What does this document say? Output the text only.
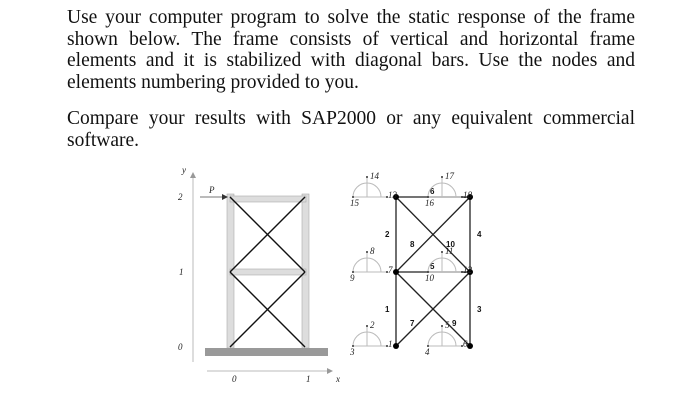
Use your computer program to solve the static response of the frame shown below. The frame consists of vertical and horizontal frame elements and it is stabilized with diagonal bars. Use the nodes and elements numbering provided to you.
Compare your results with SAP2000 or any equivalent commercial software.
y
0
1
2
0	1	x
P
1
2
3
4
5
6
7
8
9
10
1
2
3
7
8
9
13
14
15
6
5
4
12
11
10
18
17
16
